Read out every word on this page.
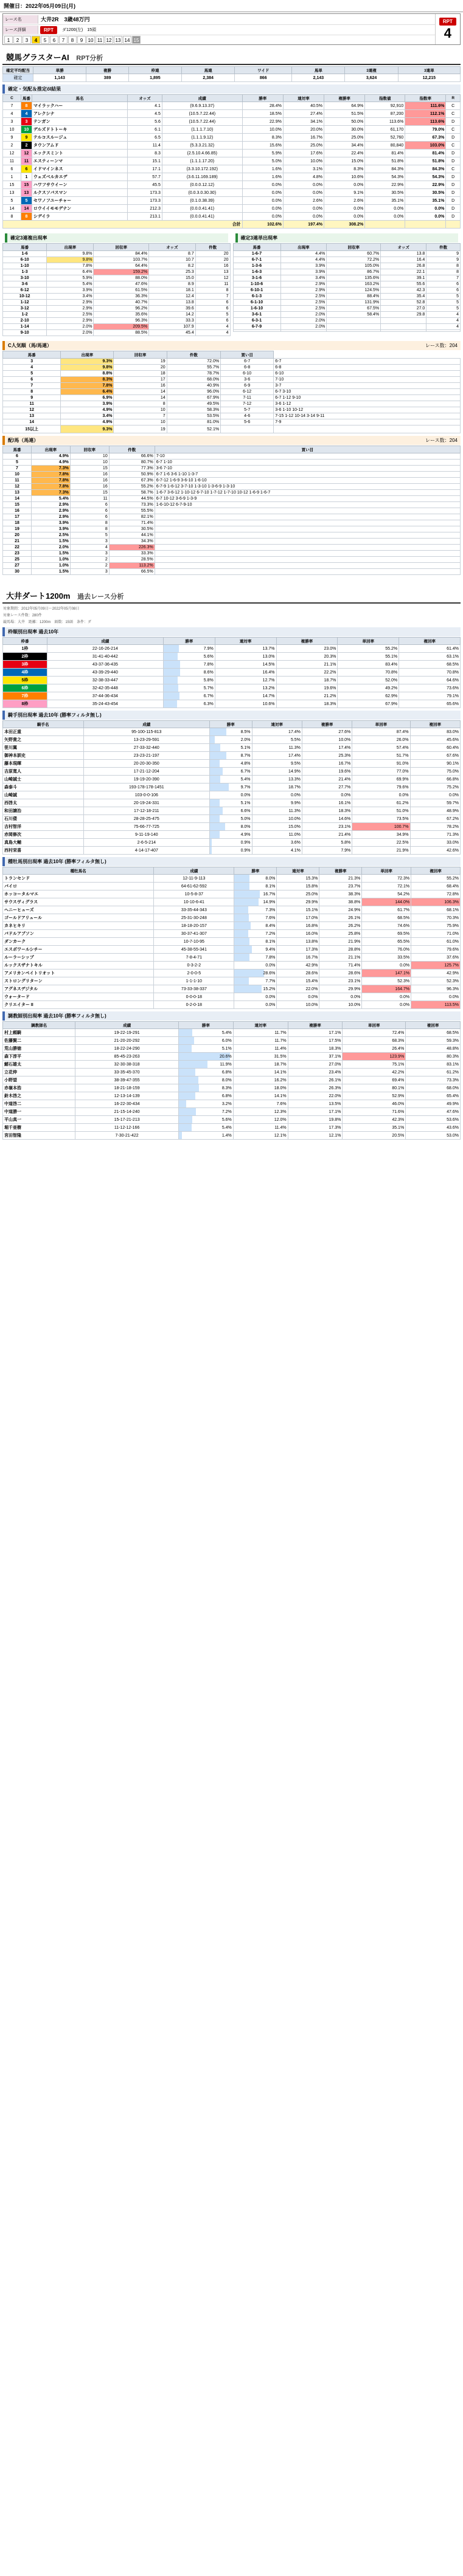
開催日：2022年05月09日(月)
レース名	大井2R　3歳48万円
レース詳細	RPT	ダ1200(左)　15頭
1	2	3	4	5	6	7	8	9	10 11 12 13 14 15
RPT
4
競馬グラスターAI RPT分析
確定平均配当	単勝	複勝	枠連	馬連	ワイド	馬単	3連複	3連単
確定	1,143	389	1,895	2,384	866	2,143	3,624	12,215
確定・気配＆推定ől結果
C	馬番	馬名	オッズ	成績	勝率	連対率	複勝率	指数値	指数率	R
7	8	マイラックハー	4.1	(9.6.9.13.37)	28.4%	40.5%	64.9%	92,910	111.6%	C
4	4	アレクシナ	4.5	(10.5.7.22.44)	18.5%	27.4%	51.5%	87,200	112.1%	C
3	3	テンガン	5.6	(10.5.7.22.44)	22.9%	34.1%	50.0%	113.6%	113.6%	D
10	10	デルズドトトーキ	6.1	(1.1.1.7.10)	10.0%	20.0%	30.0%	61,170	79.0%	C
9	9	テルコスルージュ	6.5	(1.1.1.9.12)	8.3%	16.7%	25.0%	52,760	67.3%	D
2	2	タウンアムド	11.4	(5.3.3.21.32)	15.6%	25.0%	34.4%	80,840	103.0%	C
12	12	エックスミント	8.3	(2.5.10.4.66.85)	5.9%	17.6%	22.4%	81.4%	81.4%	D
11	11	エスティーンマ	15.1	(1.1.1.17.20)	5.0%	10.0%	15.0%	51.8%	51.8%	D
6	6	イドマインネス	17.1	(3.3.10.172.192)	1.6%	3.1%	8.3%	84.3%	84.3%	C
1	1	ウェズベルカエデ	57.7	(3.6.11.169.189)	1.6%	4.8%	10.6%	54.3%	54.3%	D
15	15	ハワフサウイーン	45.5	(0.0.0.12.12)	0.0%	0.0%	0.0%	22.9%	22.9%	D
13	13	ルクスソバスマン	173.3	(0.0.3.0.30.30)	0.0%	0.0%	9.1%	30.5%	30.5%	D
5	5	セワノフユーチャー	173.3	(0.1.0.38.39)	0.0%	2.6%	2.6%	35.1%	35.1%	D
14	14	ロウイイモモデナン	212.3	(0.0.0.41.41)	0.0%	0.0%	0.0%	0.0%	0.0%	D
8	8	シデイラ	213.1	(0.0.0.41.41)	0.0%	0.0%	0.0%	0.0%	0.0%	D
合計					102.6%	197.4%	308.2%			
確定3連複出現率
馬番	出現率	回収率	オッズ	件数
1-6	9.8%	84.4%	8.7	20
6-10	9.8%	103.7%	10.7	20
1-10	7.8%	64.4%	8.2	16
1-3	6.4%	159.2%	25.3	13
3-10	5.9%	88.0%	15.0	12
3-6	5.4%	47.6%	8.9	11
6-12	3.9%	61.5%	18.1	8
10-12	3.4%	36.3%	12.4	7
1-12	2.9%	40.7%	13.8	6
3-12	2.9%	96.2%	39.6	6
1-2	2.5%	35.6%	14.2	5
2-10	2.9%	96.3%	33.3	6
1-14	2.0%	209.5%	107.9	4
9-10	2.0%	88.5%	45.4	4
確定3連単出現率
馬番	出現率	回収率	オッズ	件数
1-6-7	4.4%	60.7%	13.8	9
6-7-1	4.4%	72.2%	16.4	9
1-3-6	3.9%	105.0%	26.8	8
1-6-3	3.9%	86.7%	22.1	8
3-1-6	3.4%	135.6%	39.1	7
1-10-6	2.9%	163.2%	55.6	6
6-10-1	2.9%	124.5%	42.3	6
6-1-3	2.5%	88.4%	35.4	5
6-1-10	2.5%	131.9%	52.8	5
1-6-10	2.5%	67.5%	27.0	5
3-6-1	2.0%	58.4%	29.8	4
6-3-1	2.0%			4
6-7-9	2.0%			4

C人気順（馬/馬連）	レース数：204
馬番	出現率	回収率	件数	買い目	
3	9.3%	19	72.0%	6-7	6-7
4	9.8%	20	55.7%	6-8	6-8
5	8.8%	18	78.7%	6-10	6-10
6	8.3%	17	68.0%	3-6	7-10
7	7.8%	16	40.9%	6-9	3-7
8	6.4%	14	96.0%	6-12	6-7 3-10
9	6.9%	14	67.9%	7-11	6-7 1-12 9-10
11	3.9%	8	49.5%	7-12	3-6 1-12
12	4.9%	10	58.3%	5-7	3-6 1-10 10-12
13	3.4%	7	53.5%	4-6	7-15 1-12 10-14 3-14 9-11
14	4.9%	10	81.0%	5-6	7-9
15以上	9.3%	19	52.1%		
配/馬（馬連）	レース数：204
馬番	出現率	回収率	件数	買い目
6	4.9%	10	66.6%	7-10
5	4.9%	10	80.7%	6-7 1-10
7	7.3%	15	77.3%	3-6 7-10
10	7.8%	16	50.9%	6-7 1-6 3-6 1-10 1-3-7
11	7.8%	16	67.3%	6-7-12 1-6-9 3-6-10 1-6-10
12	7.8%	16	55.2%	6-7-9 1-6-12 3-7-10 1-3-10 1-3-6-9 1-3-10
13	7.3%	15	58.7%	1-6-7 3-6-12 1-10-12 6-7-10 1-7-12 1-7-10 10-12 1-6-9 1-6-7
14	5.4%	11	44.5%	6-7 10-12 3-6-9 1-3-9
15	2.9%	6	73.3%	1-6-10-12 6-7-9-10
16	2.9%	6	55.5%	
17	2.9%	6	82.1%	
18	3.9%	8	71.4%	
19	3.9%	8	30.5%	
20	2.5%	5	44.1%	
21	1.5%	3	34.3%	
22	2.0%	4	226.3%	
23	1.5%	3	33.3%	
25	1.0%	2	28.5%	
27	1.0%	2	113.2%	
30	1.5%	3	66.5%	
大井ダート1200m 過去レース分析
対象期間：2012年05月09日～2022年05月08日
対象レース件数：280件
競馬場：大井　距離：1200m　頭数：15頭　条件：ダ
枠順別出現率 過去10年
枠番	成績	勝率	連対率	複勝率	単回率	複回率
1枠	22-16-26-214	7.9%	13.7%	23.0%	55.2%	61.4%
2枠	31-41-40-442	5.6%	13.0%	20.3%	55.1%	63.1%
3枠	43-37-36-435	7.8%	14.5%	21.1%	83.4%	68.5%
4枠	43-39-29-440	8.6%	16.4%	22.2%	70.8%	70.8%
5枠	32-38-33-447	5.8%	12.7%	18.7%	52.0%	64.6%
6枠	32-42-35-448	5.7%	13.2%	19.6%	49.2%	73.6%
7枠	37-44-36-434	6.7%	14.7%	21.2%	62.9%	79.1%
8枠	35-24-43-454	6.3%	10.6%	18.3%	67.9%	65.6%
騎手別出現率 過去10年 (勝率フィルタ無し)
騎手名	成績	勝率	連対率	複勝率	単回率	複回率
本田正重	95-100-115-813	8.5%	17.4%	27.6%	87.4%	83.0%
矢野貴之	13-23-29-591	2.0%	5.5%	10.0%	26.0%	45.6%
笹川翼	27-33-32-440	5.1%	11.3%	17.4%	57.4%	60.4%
御神本訓史	23-23-21-197	8.7%	17.4%	25.3%	51.7%	67.6%
藤本現暉	20-20-30-350	4.8%	9.5%	16.7%	91.0%	90.1%
吉原寛人	17-21-12-204	6.7%	14.9%	19.6%	77.0%	75.0%
山崎誠士	19-19-20-390	5.4%	13.3%	21.4%	69.9%	66.8%
森泰斗	193-178-178-1451	9.7%	18.7%	27.7%	79.6%	75.2%
山崎誠	103-0-0-106	0.0%	0.0%	0.0%	0.0%	0.0%
西啓太	20-19-24-331	5.1%	9.9%	16.1%	61.2%	59.7%
和田譲治	17-12-18-211	6.6%	11.3%	18.3%	51.0%	48.9%
石川倭	28-28-25-475	5.0%	10.0%	14.6%	73.5%	67.2%
吉村智洋	75-66-77-725	8.0%	15.0%	23.1%	100.7%	78.2%
赤岡修次	9-11-19-140	4.9%	11.0%	21.4%	34.9%	71.3%
真島大輔	2-6-5-214	0.9%	3.6%	5.8%	22.5%	33.0%
西村栄喜	4-14-17-407	0.9%	4.1%	7.9%	21.9%	42.6%
種牡馬別出現率 過去10年 (勝率フィルタ無し)
種牡馬名	成績	勝率	連対率	複勝率	単回率	複回率
トランセンド	12-11-9-113	8.0%	15.3%	21.3%	72.3%	55.2%
パイロ	64-61-62-592	8.1%	15.8%	23.7%	72.1%	68.4%
ホッコータルマエ	10-5-8-37	16.7%	25.0%	38.3%	54.2%	72.8%
サウスヴィグラス	10-10-6-41	14.9%	29.9%	38.8%	144.0%	106.3%
ヘニーヒューズ	33-35-44-343	7.3%	15.1%	24.9%	61.7%	68.1%
ゴールドアリュール	25-31-30-248	7.6%	17.0%	26.1%	68.5%	70.3%
カネヒキリ	18-18-20-157	8.4%	16.8%	26.2%	74.6%	75.9%
パドルアブソン	30-37-41-307	7.2%	16.0%	25.8%	69.5%	71.0%
ダンカーク	10-7-10-95	8.1%	13.8%	21.9%	65.5%	61.0%
エスポワールシチー	45-38-55-341	9.4%	17.3%	28.8%	76.0%	79.6%
ルーラーシップ	7-8-4-71	7.8%	16.7%	21.1%	33.5%	37.6%
ルックスザナトキル	0-3-2-2	0.0%	42.9%	71.4%	0.0%	125.7%
アメリカンペイトリオット	2-0-0-5	28.6%	28.6%	28.6%	147.1%	42.9%
ストロングリターン	1-1-1-10	7.7%	15.4%	23.1%	52.3%	52.3%
アグネスデジタル	73-33-38-337	15.2%	22.0%	29.9%	164.7%	96.3%
ウォータード	0-0-0-18	0.0%	0.0%	0.0%	0.0%	0.0%
クリエイター II	0-2-0-18	0.0%	10.0%	10.0%	0.0%	113.5%
調教師別出現率 過去10年 (勝率フィルタ無し)
調教師名	成績	勝率	連対率	複勝率	単回率	複回率
村上頼騎	19-22-19-291	5.4%	11.7%	17.1%	72.4%	68.5%
佐藤賢二	21-20-20-292	6.0%	11.7%	17.5%	68.3%	59.3%
荒山勝徳	18-22-24-290	5.1%	11.4%	18.3%	26.4%	48.8%
森下淳平	85-45-23-263	20.6%	31.5%	37.1%	123.9%	80.3%
鯖石雄太	32-30-38-318	11.9%	18.7%	27.0%	75.1%	83.1%
立花伸	33-35-45-370	6.8%	14.1%	23.4%	42.2%	61.2%
小野望	38-39-47-355	8.0%	16.2%	26.1%	69.4%	73.3%
赤嶺本浩	18-21-18-159	8.3%	18.0%	26.3%	80.1%	68.0%
鈴木啓之	12-13-14-139	6.8%	14.1%	22.0%	52.9%	65.4%
中道啓二	16-22-30-434	3.2%	7.6%	13.5%	46.0%	49.9%
中道勝一	21-15-14-240	7.2%	12.3%	17.1%	71.6%	47.6%
平山真一	15-17-21-213	5.6%	12.0%	19.8%	42.3%	53.6%
堀千亜樹	11-12-12-166	5.4%	11.4%	17.3%	35.1%	43.6%
宮田智隆	7-30-21-422	1.4%	12.1%	12.1%	20.5%	53.0%
